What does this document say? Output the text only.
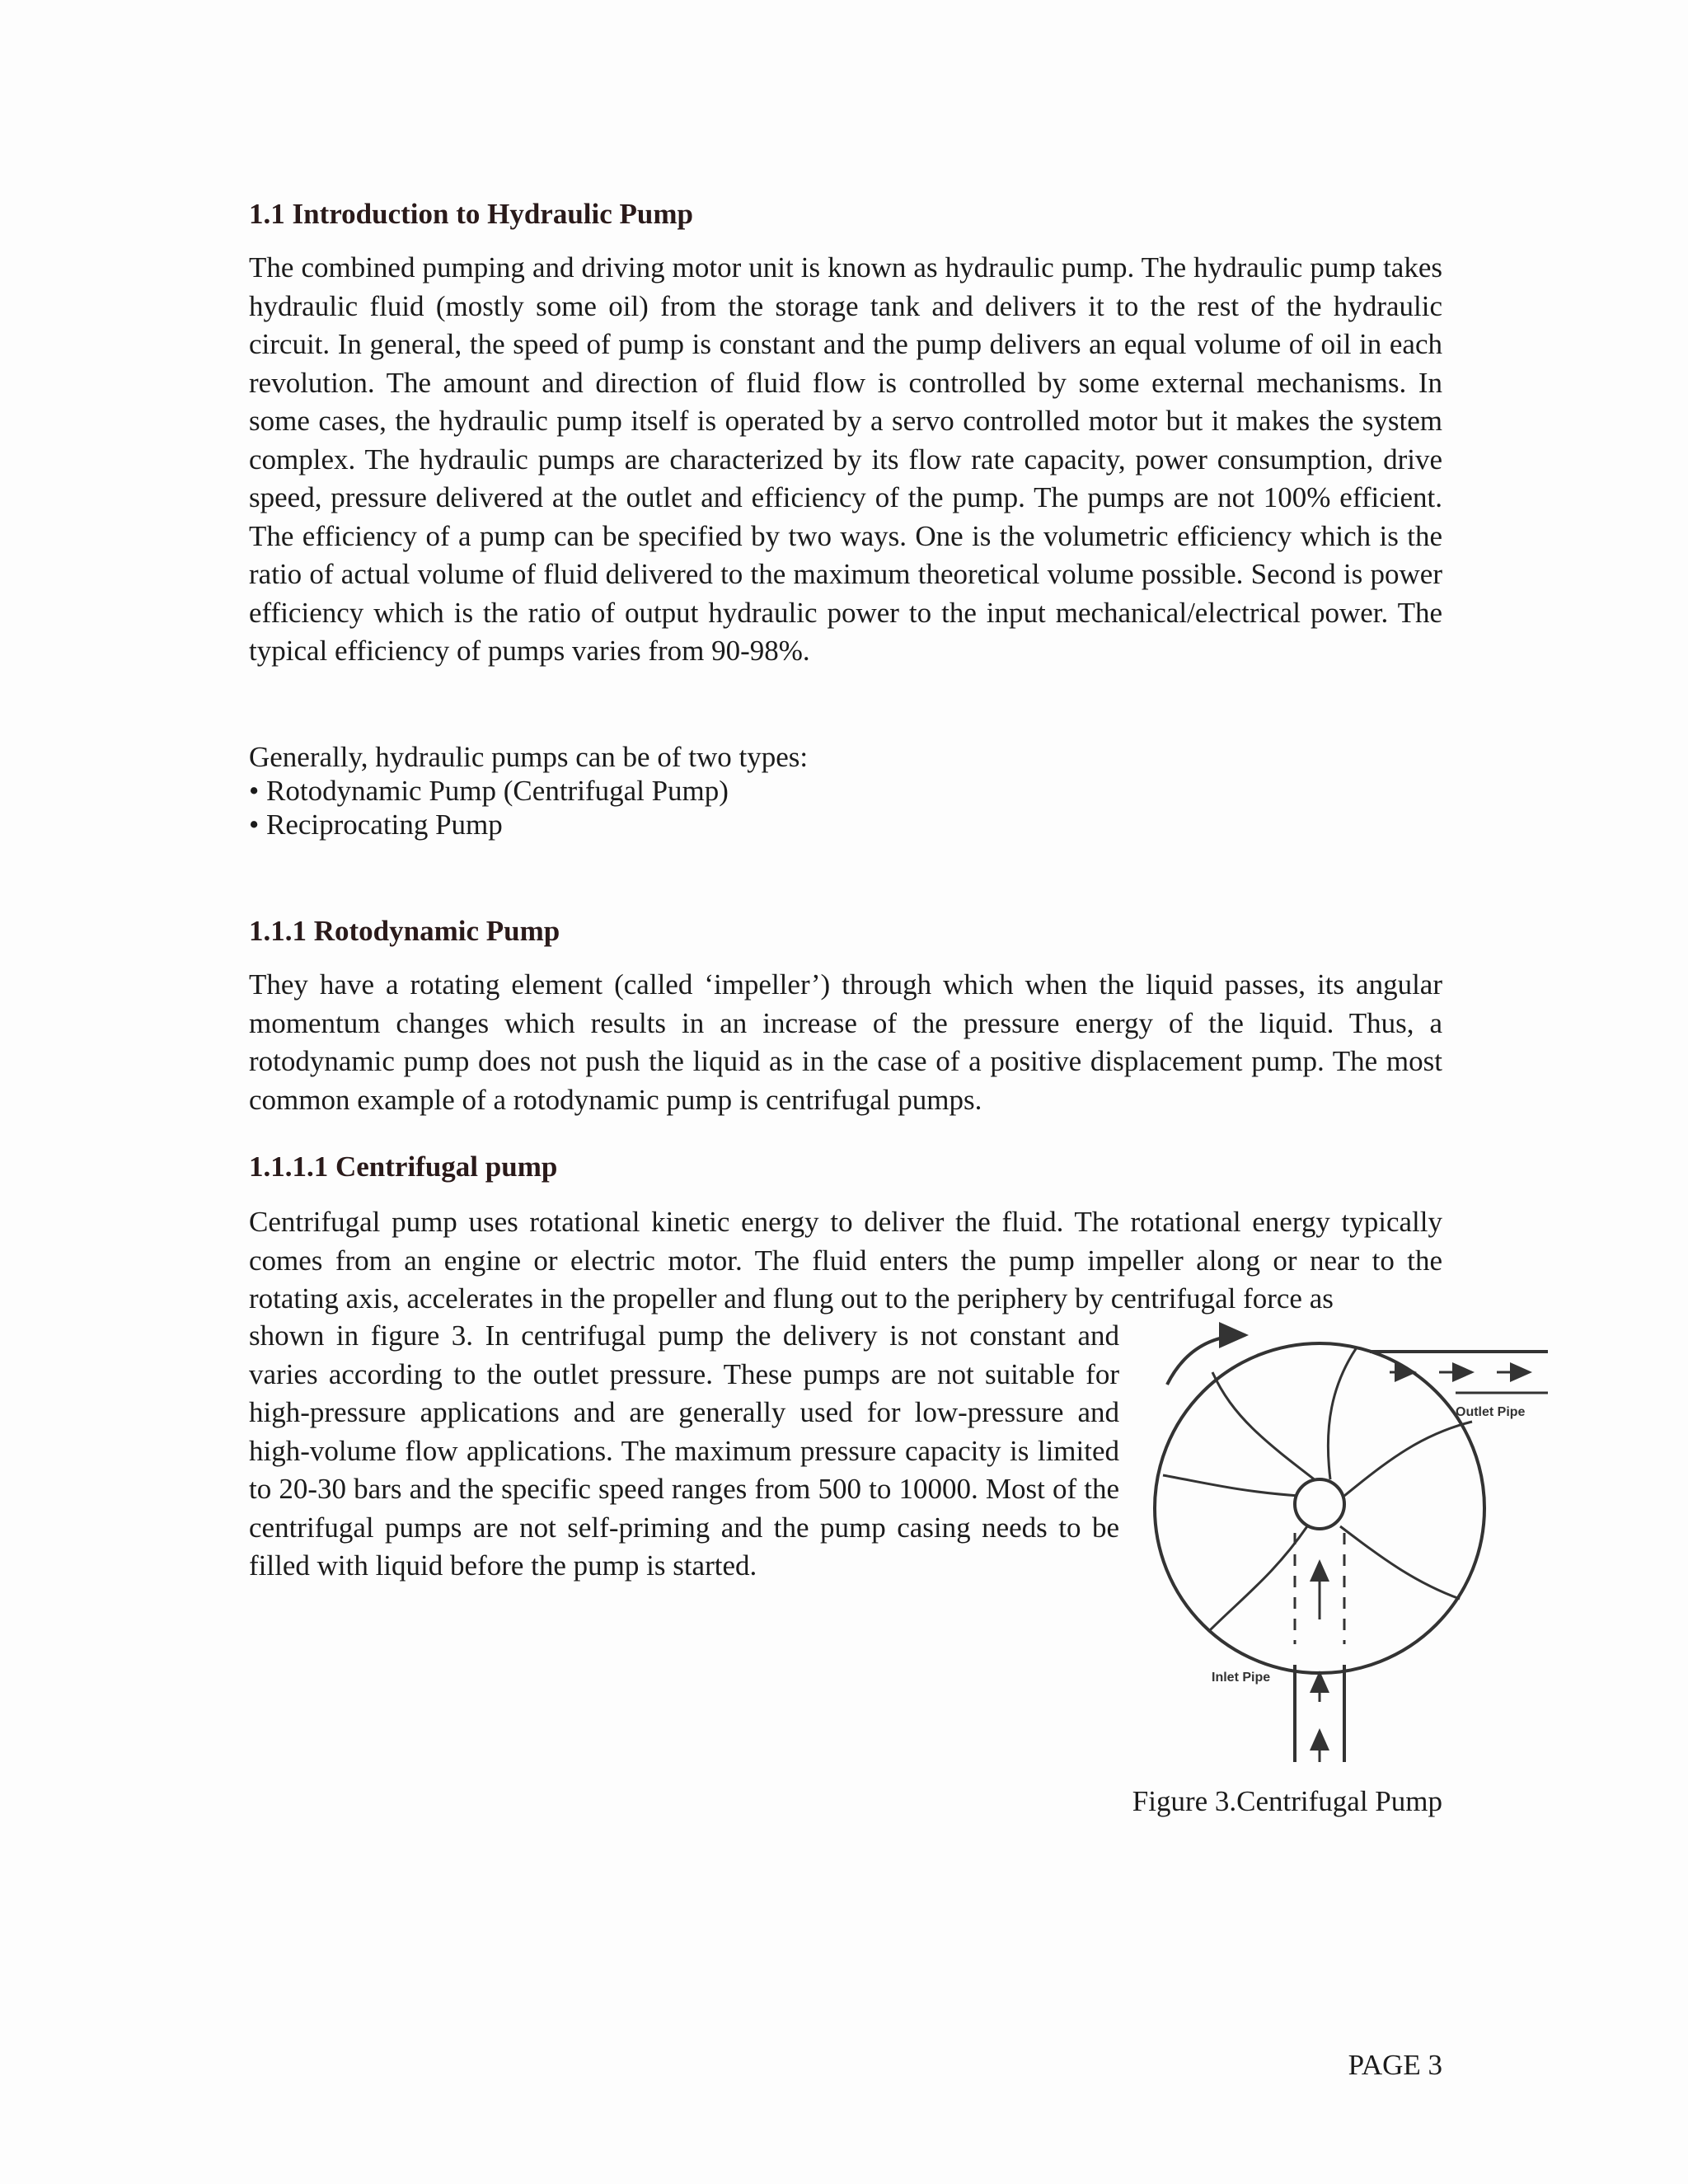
1.1 Introduction to Hydraulic Pump

The combined pumping and driving motor unit is known as hydraulic pump. The hydraulic pump takes hydraulic fluid (mostly some oil) from the storage tank and delivers it to the rest of the hydraulic circuit. In general, the speed of pump is constant and the pump delivers an equal volume of oil in each revolution. The amount and direction of fluid flow is controlled by some external mechanisms. In some cases, the hydraulic pump itself is operated by a servo controlled motor but it makes the system complex. The hydraulic pumps are characterized by its flow rate capacity, power consumption, drive speed, pressure delivered at the outlet and efficiency of the pump. The pumps are not 100% efficient. The efficiency of a pump can be specified by two ways. One is the volumetric efficiency which is the ratio of actual volume of fluid delivered to the maximum theoretical volume possible. Second is power efficiency which is the ratio of output hydraulic power to the input mechanical/electrical power. The typical efficiency of pumps varies from 90-98%.

Generally, hydraulic pumps can be of two types:
• Rotodynamic Pump (Centrifugal Pump)
• Reciprocating Pump
1.1.1 Rotodynamic Pump

They have a rotating element (called ‘impeller’) through which when the liquid passes, its angular momentum changes which results in an increase of the pressure energy of the liquid. Thus, a rotodynamic pump does not push the liquid as in the case of a positive displacement pump. The most common example of a rotodynamic pump is centrifugal pumps.

1.1.1.1 Centrifugal pump

Centrifugal pump uses rotational kinetic energy to deliver the fluid. The rotational energy typically comes from an engine or electric motor. The fluid enters the pump impeller along or near to the rotating axis, accelerates in the propeller and flung out to the periphery by centrifugal force as

shown in figure 3. In centrifugal pump the delivery is not constant and varies according to the outlet pressure. These pumps are not suitable for high-pressure applications and are generally used for low-pressure and high-volume flow applications. The maximum pressure capacity is limited to 20-30 bars and the specific speed ranges from 500 to 10000. Most of the centrifugal pumps are not self-priming and the pump casing needs to be filled with liquid before the pump is started.

Outlet Pipe
Inlet Pipe
Figure 3.Centrifugal Pump
PAGE 3
